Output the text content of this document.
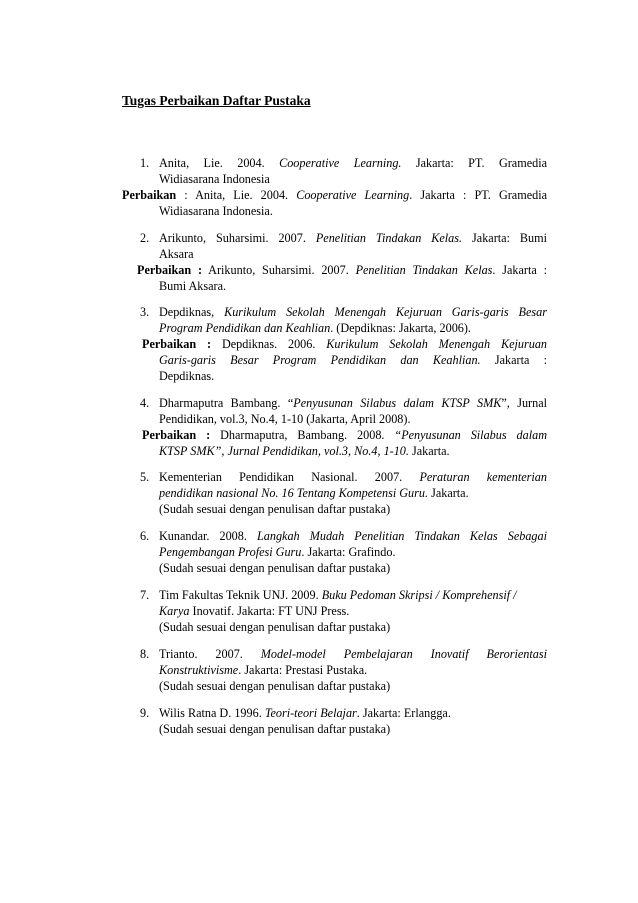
Tugas Perbaikan Daftar Pustaka
1. Anita, Lie. 2004. Cooperative Learning. Jakarta: PT. Gramedia
Widiasarana Indonesia
Perbaikan : Anita, Lie. 2004. Cooperative Learning. Jakarta : PT. Gramedia
Widiasarana Indonesia.
2. Arikunto, Suharsimi. 2007. Penelitian Tindakan Kelas. Jakarta: Bumi
Aksara
Perbaikan : Arikunto, Suharsimi. 2007. Penelitian Tindakan Kelas. Jakarta :
Bumi Aksara.
3. Depdiknas, Kurikulum Sekolah Menengah Kejuruan Garis-garis Besar
Program Pendidikan dan Keahlian. (Depdiknas: Jakarta, 2006).
Perbaikan : Depdiknas. 2006. Kurikulum Sekolah Menengah Kejuruan
Garis-garis Besar Program Pendidikan dan Keahlian. Jakarta :
Depdiknas.
4. Dharmaputra Bambang. “Penyusunan Silabus dalam KTSP SMK”, Jurnal
Pendidikan, vol.3, No.4, 1-10 (Jakarta, April 2008).
Perbaikan : Dharmaputra, Bambang. 2008. “Penyusunan Silabus dalam
KTSP SMK”, Jurnal Pendidikan, vol.3, No.4, 1-10. Jakarta.
5. Kementerian Pendidikan Nasional. 2007. Peraturan kementerian
pendidikan nasional No. 16 Tentang Kompetensi Guru. Jakarta.
(Sudah sesuai dengan penulisan daftar pustaka)
6. Kunandar. 2008. Langkah Mudah Penelitian Tindakan Kelas Sebagai
Pengembangan Profesi Guru. Jakarta: Grafindo.
(Sudah sesuai dengan penulisan daftar pustaka)
7. Tim Fakultas Teknik UNJ. 2009. Buku Pedoman Skripsi / Komprehensif /
Karya Inovatif. Jakarta: FT UNJ Press.
(Sudah sesuai dengan penulisan daftar pustaka)
8. Trianto. 2007. Model-model Pembelajaran Inovatif Berorientasi
Konstruktivisme. Jakarta: Prestasi Pustaka.
(Sudah sesuai dengan penulisan daftar pustaka)
9. Wilis Ratna D. 1996. Teori-teori Belajar. Jakarta: Erlangga.
(Sudah sesuai dengan penulisan daftar pustaka)
